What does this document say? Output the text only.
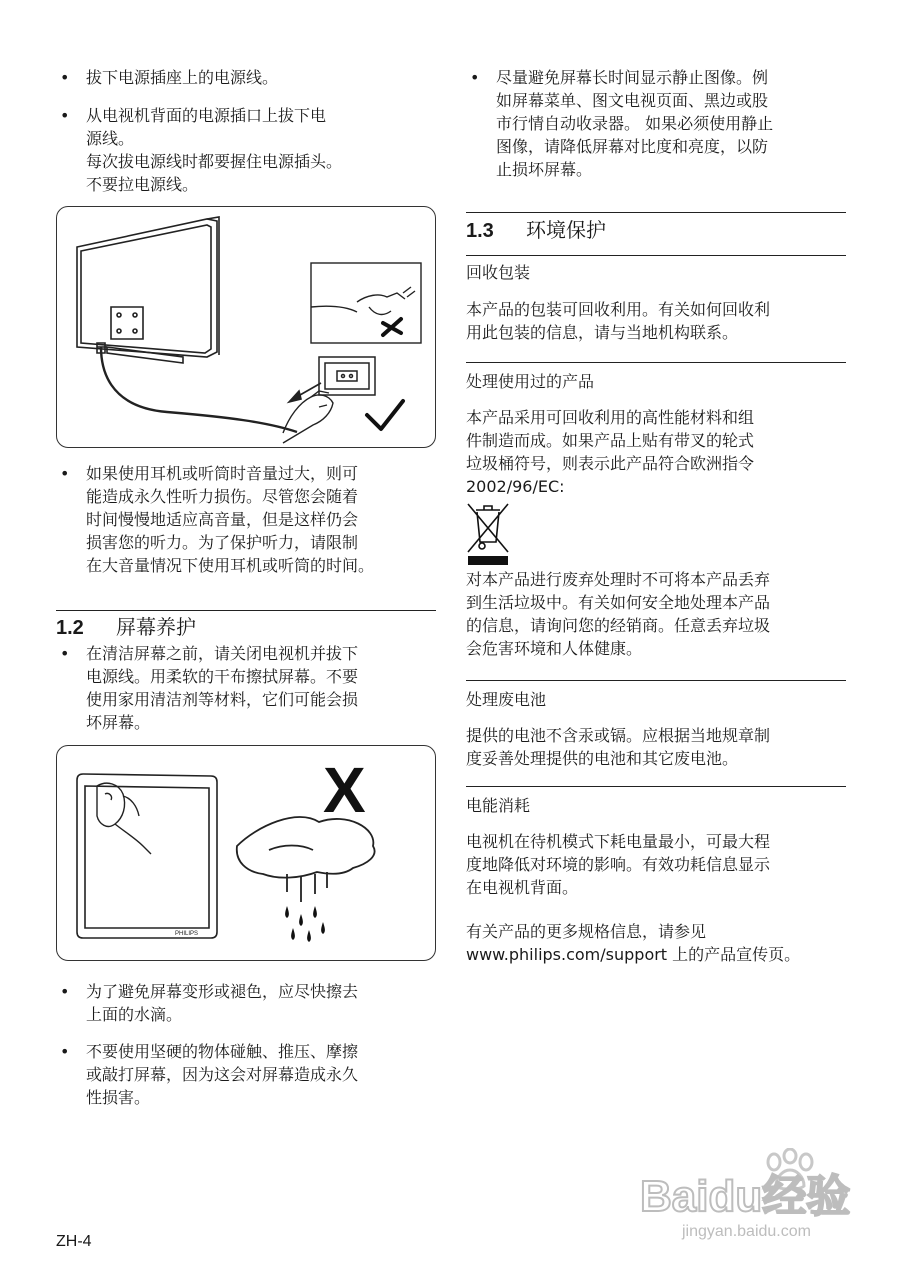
• 拔下电源插座上的电源线。
• 从电视机背面的电源插口上拔下电
源线。
每次拔电源线时都要握住电源插头。
不要拉电源线。
• 如果使用耳机或听筒时音量过大，则可
能造成永久性听力损伤。尽管您会随着
时间慢慢地适应高音量，但是这样仍会
损害您的听力。为了保护听力，请限制
在大音量情况下使用耳机或听筒的时间。
1.2 屏幕养护
• 在清洁屏幕之前，请关闭电视机并拔下
电源线。用柔软的干布擦拭屏幕。不要
使用家用清洁剂等材料，它们可能会损
坏屏幕。
PHILIPS
X
• 为了避免屏幕变形或褪色，应尽快擦去
上面的水滴。
• 不要使用坚硬的物体碰触、推压、摩擦
或敲打屏幕，因为这会对屏幕造成永久
性损害。
• 尽量避免屏幕长时间显示静止图像。例
如屏幕菜单、图文电视页面、黑边或股
市行情自动收录器。 如果必须使用静止
图像，请降低屏幕对比度和亮度，以防
止损坏屏幕。
1.3 环境保护
回收包装
本产品的包装可回收利用。有关如何回收利
用此包装的信息，请与当地机构联系。
处理使用过的产品
本产品采用可回收利用的高性能材料和组
件制造而成。如果产品上贴有带叉的轮式
垃圾桶符号，则表示此产品符合欧洲指令
2002/96/EC:
对本产品进行废弃处理时不可将本产品丢弃
到生活垃圾中。有关如何安全地处理本产品
的信息，请询问您的经销商。任意丢弃垃圾
会危害环境和人体健康。
处理废电池
提供的电池不含汞或镉。应根据当地规章制
度妥善处理提供的电池和其它废电池。
电能消耗
电视机在待机模式下耗电量最小，可最大程
度地降低对环境的影响。有效功耗信息显示
在电视机背面。
有关产品的更多规格信息，请参见
www.philips.com/support 上的产品宣传页。
Baidu经验
jingyan.baidu.com
ZH-4
